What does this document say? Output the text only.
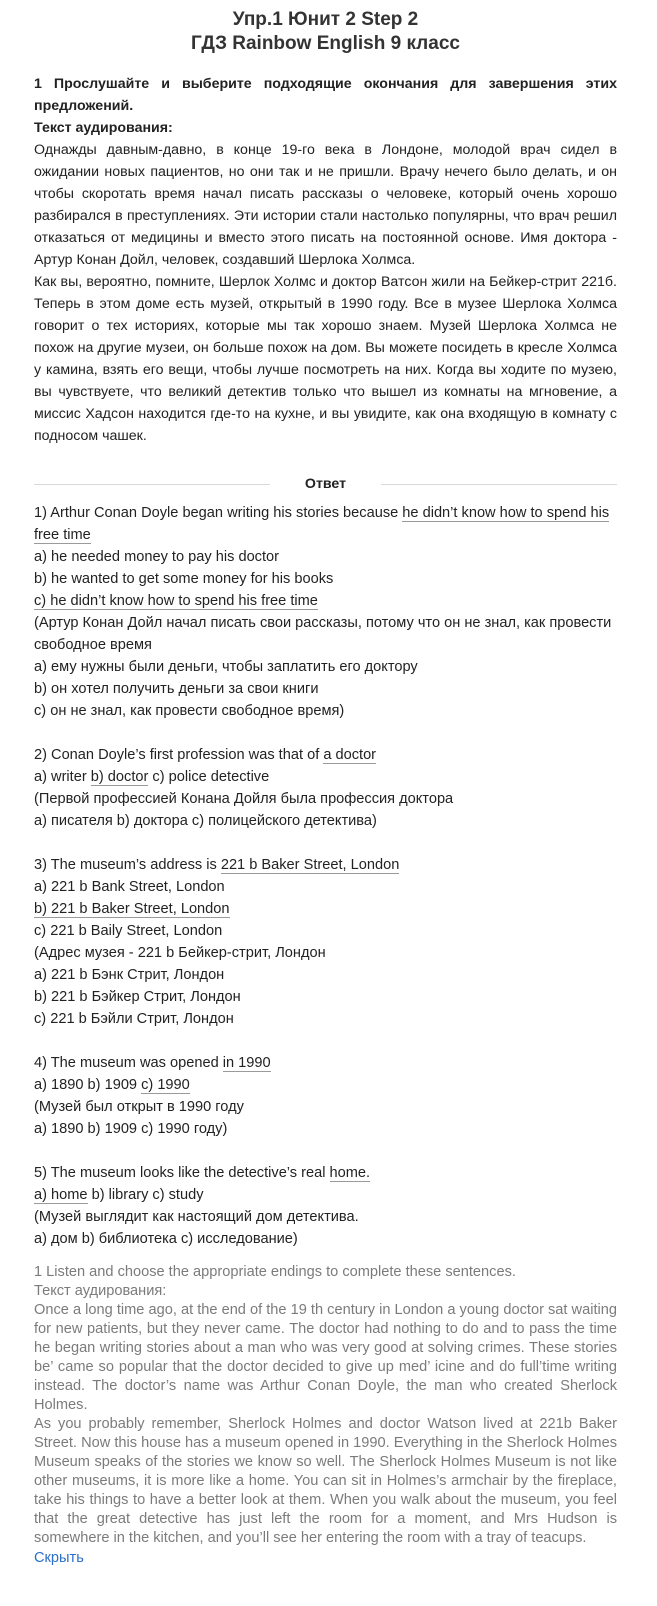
Упр.1 Юнит 2 Step 2
ГДЗ Rainbow English 9 класс

1 Прослушайте и выберите подходящие окончания для завершения этих предложений.

Текст аудирования:

Однажды давным-давно, в конце 19-го века в Лондоне, молодой врач сидел в ожидании новых пациентов, но они так и не пришли. Врачу нечего было делать, и он чтобы скоротать время начал писать рассказы о человеке, который очень хорошо разбирался в преступлениях. Эти истории стали настолько популярны, что врач решил отказаться от медицины и вместо этого писать на постоянной основе. Имя доктора - Артур Конан Дойл, человек, создавший Шерлока Холмса.

Как вы, вероятно, помните, Шерлок Холмс и доктор Ватсон жили на Бейкер-стрит 221б. Теперь в этом доме есть музей, открытый в 1990 году. Все в музее Шерлока Холмса говорит о тех историях, которые мы так хорошо знаем. Музей Шерлока Холмса не похож на другие музеи, он больше похож на дом. Вы можете посидеть в кресле Холмса у камина, взять его вещи, чтобы лучше посмотреть на них. Когда вы ходите по музею, вы чувствуете, что великий детектив только что вышел из комнаты на мгновение, а миссис Хадсон находится где-то на кухне, и вы увидите, как она входящую в комнату с подносом чашек.

Ответ

1) Arthur Conan Doyle began writing his stories because he didn’t know how to spend his free time

a) he needed money to pay his doctor

b) he wanted to get some money for his books

c) he didn’t know how to spend his free time

(Артур Конан Дойл начал писать свои рассказы, потому что он не знал, как провести свободное время

а) ему нужны были деньги, чтобы заплатить его доктору

b) он хотел получить деньги за свои книги

с) он не знал, как провести свободное время)

2) Conan Doyle’s first profession was that of a doctor

a) writer b) doctor c) police detective

(Первой профессией Конана Дойля была профессия доктора

а) писателя b) доктора с) полицейского детектива)

3) The museum’s address is 221 b Baker Street, London

a) 221 b Bank Street, London

b) 221 b Baker Street, London

c) 221 b Baily Street, London

(Адрес музея - 221 b Бейкер-стрит, Лондон

а) 221 b Бэнк Стрит, Лондон

b) 221 b Бэйкер Стрит, Лондон

с) 221 b Бэйли Стрит, Лондон

4) The museum was opened in 1990

a) 1890 b) 1909 c) 1990

(Музей был открыт в 1990 году

а) 1890 b) 1909 с) 1990 году)

5) The museum looks like the detective’s real home.

a) home b) library c) study

(Музей выглядит как настоящий дом детектива.

а) дом b) библиотека с) исследование)

1 Listen and choose the appropriate endings to complete these sentences.

Текст аудирования:

Once a long time ago, at the end of the 19 th century in London a young doctor sat waiting for new patients, but they never came. The doctor had nothing to do and to pass the time he began writing stories about a man who was very good at solving crimes. These stories be’ came so popular that the doctor decided to give up med’ icine and do full’time writing instead. The doctor’s name was Arthur Conan Doyle, the man who created Sherlock Holmes.

As you probably remember, Sherlock Holmes and doctor Watson lived at 221b Baker Street. Now this house has a museum opened in 1990. Everything in the Sherlock Holmes Museum speaks of the stories we know so well. The Sherlock Holmes Museum is not like other museums, it is more like a home. You can sit in Holmes’s armchair by the fireplace, take his things to have a better look at them. When you walk about the museum, you feel that the great detective has just left the room for a moment, and Mrs Hudson is somewhere in the kitchen, and you’ll see her entering the room with a tray of teacups.

Скрыть
